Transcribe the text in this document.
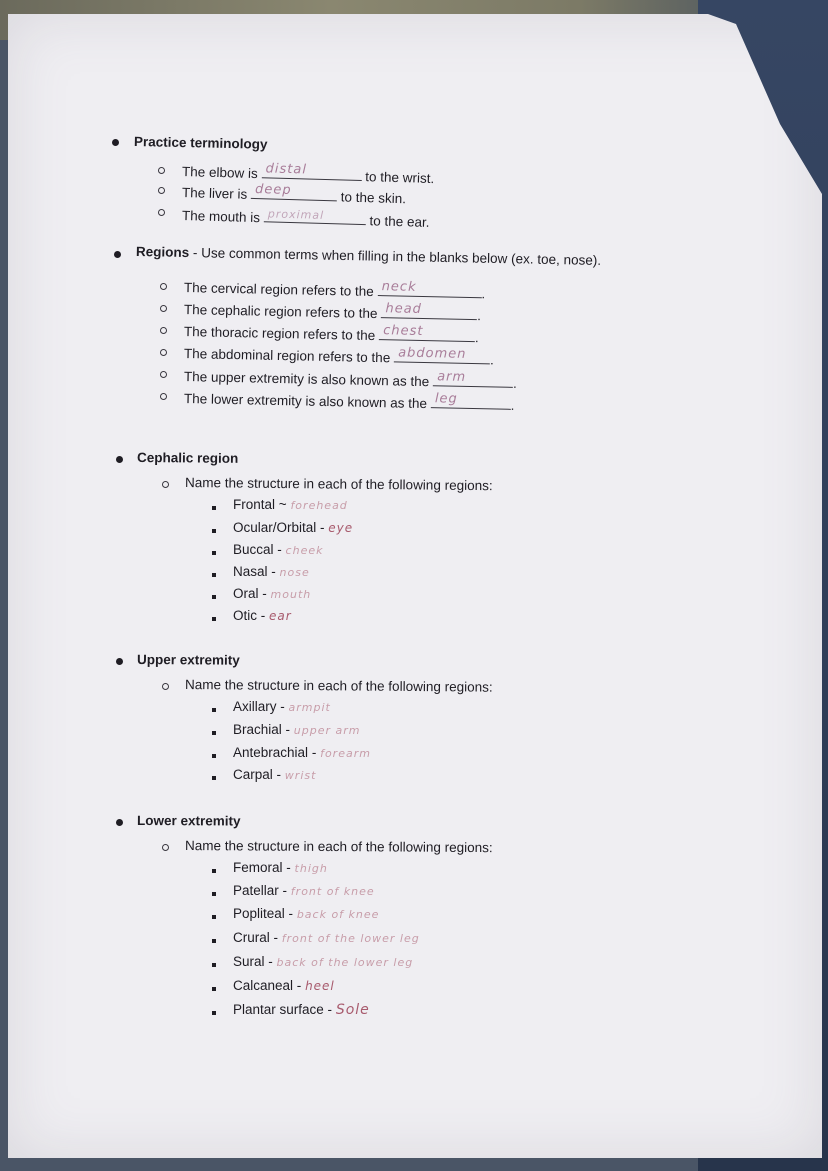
Practice terminology
The elbow is distal	to the wrist.
The liver is deep	to the skin.
The mouth is proximal	to the ear.
Regions - Use common terms when filling in the blanks below (ex. toe, nose).
The cervical region refers to the neck	.
The cephalic region refers to the head	.
The thoracic region refers to the chest	.
The abdominal region refers to the abdomen .
The upper extremity is also known as the arm	.
The lower extremity is also known as the leg	.
Cephalic region
Name the structure in each of the following regions:
Frontal ~ forehead
Ocular/Orbital - eye
Buccal - cheek
Nasal - nose
Oral - mouth
Otic - ear
Upper extremity
Name the structure in each of the following regions:
Axillary - armpit
Brachial - upper arm
Antebrachial - forearm
Carpal - wrist
Lower extremity
Name the structure in each of the following regions:
Femoral - thigh
Patellar - front of knee
Popliteal - back of knee
Crural - front of the lower leg
Sural - back of the lower leg
Calcaneal - heel
Plantar surface - Sole
